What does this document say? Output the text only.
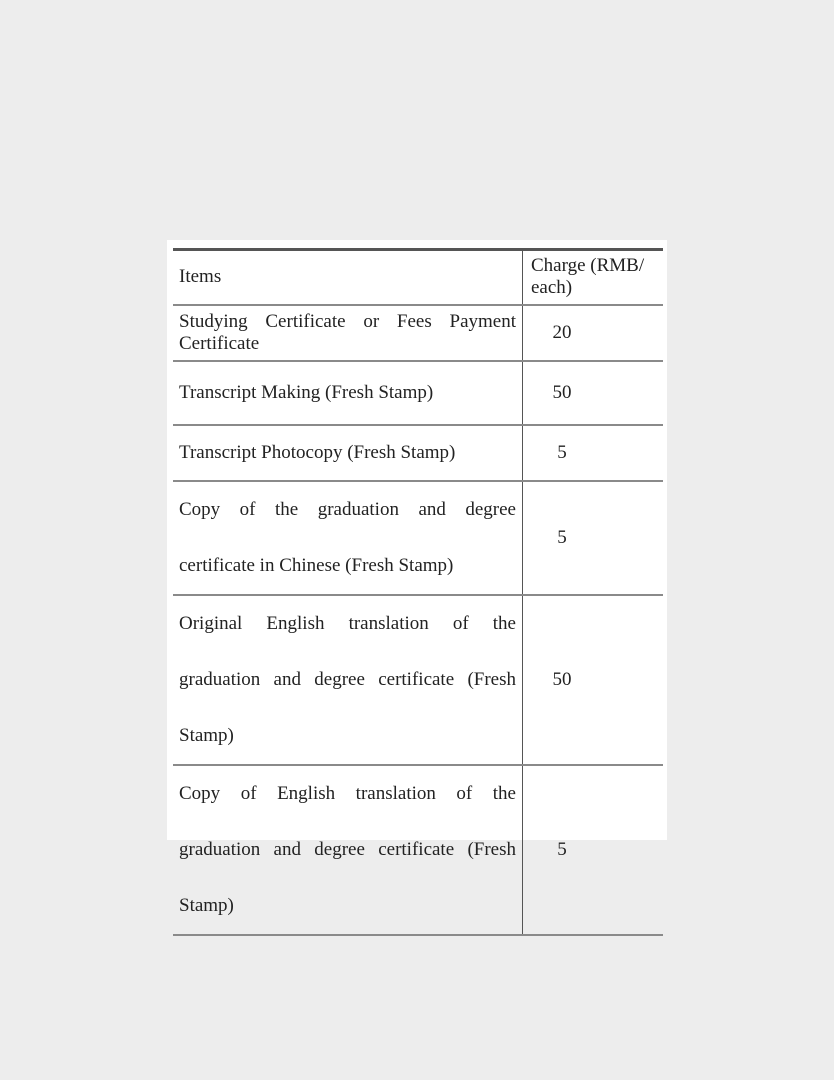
Items	Charge (RMB/ each)
Studying Certificate or Fees Payment Certificate	20
Transcript Making (Fresh Stamp)	50
Transcript Photocopy (Fresh Stamp)	5
Copy of the graduation and degree certificate in Chinese (Fresh Stamp)	5
Original English translation of the graduation and degree certificate (Fresh Stamp)	50
Copy of English translation of the graduation and degree certificate (Fresh Stamp)	5
